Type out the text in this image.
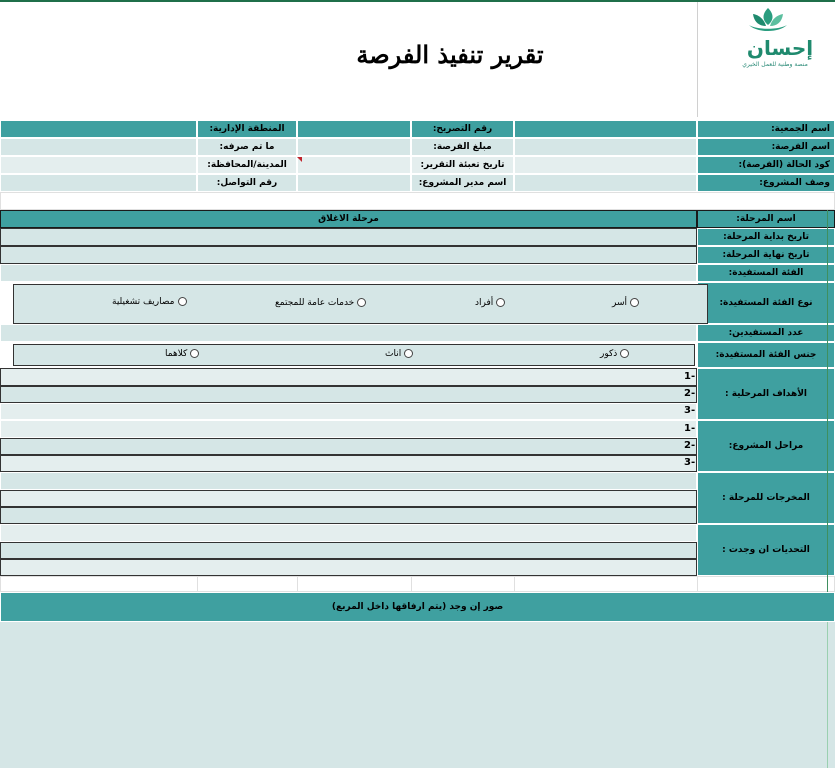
إحسان
منصة وطنية للعمل الخيري
تقرير تنفيذ الفرصة
اسم الجمعية:
رقم التصريح:
المنطقة الإدارية:
اسم الفرصة:
مبلغ الفرصة:
ما تم صرفه:
كود الحالة (الفرصة):
تاريخ تعبئة التقرير:
المدينة/المحافظة:
وصف المشروع:
اسم مدير المشروع:
رقم التواصل:
اسم المرحلة:
مرحلة الاغلاق
تاريخ بداية المرحلة:
تاريخ نهاية المرحلة:
الفئة المستفيدة:
نوع الفئة المستفيدة:
أسر
أفراد
خدمات عامة للمجتمع
مصاريف تشغيلية
عدد المستفيدين:
جنس الفئة المستفيدة:
ذكور
اناث
كلاهما
الأهداف المرحلية :
1-
2-
3-
مراحل المشروع:
1-
2-
3-
المخرجات للمرحلة :
التحديات ان وجدت :
صور إن وجد (يتم ارفاقها داخل المربع)
